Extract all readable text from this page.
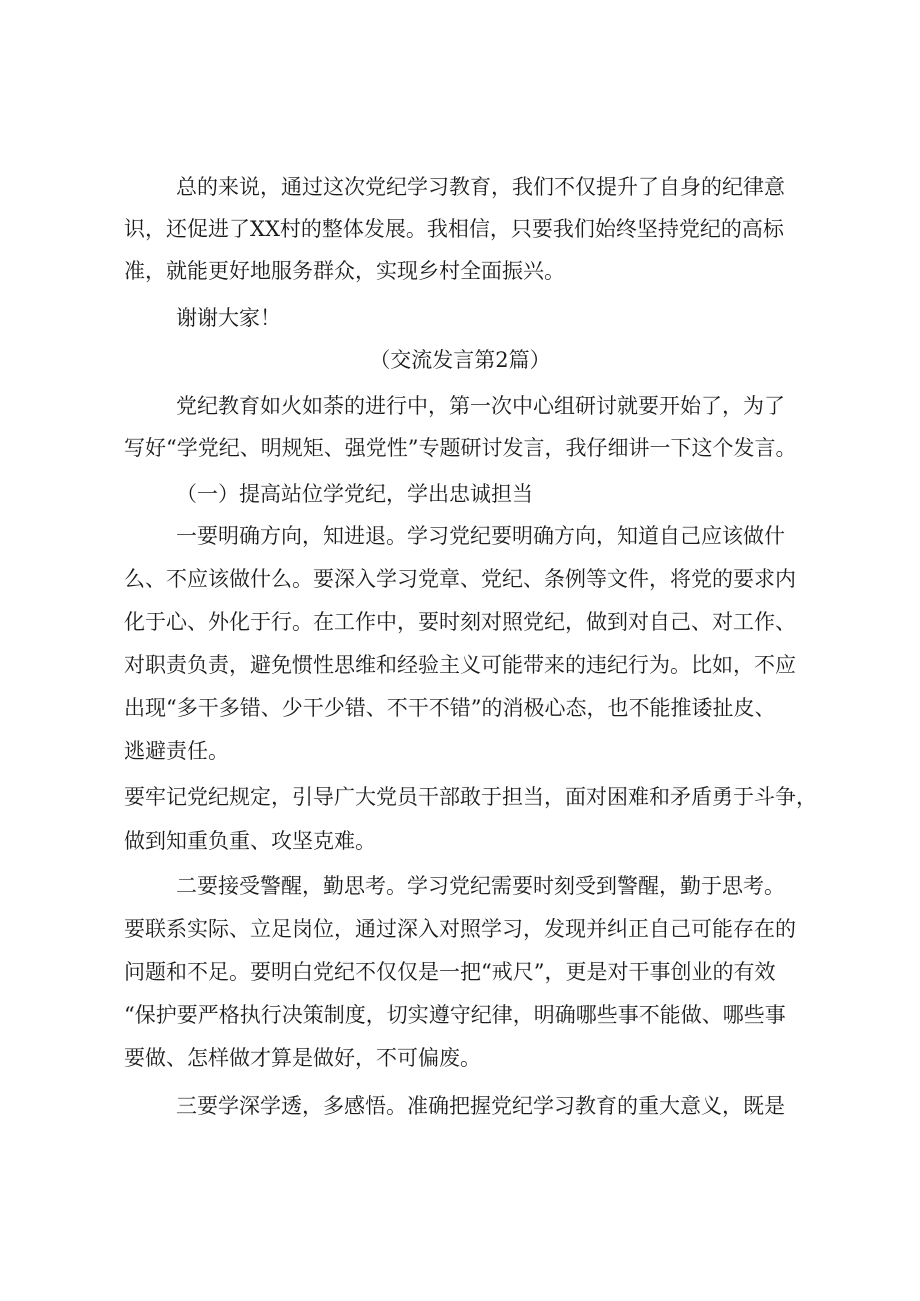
总的来说，通过这次党纪学习教育，我们不仅提升了自身的纪律意
识，还促进了XX村的整体发展。我相信，只要我们始终坚持党纪的高标
准，就能更好地服务群众，实现乡村全面振兴。
谢谢大家！
（交流发言第2篇）
党纪教育如火如荼的进行中，第一次中心组研讨就要开始了，为了
写好“学党纪、明规矩、强党性”专题研讨发言，我仔细讲一下这个发言。
（一）提高站位学党纪，学出忠诚担当
一要明确方向，知进退。学习党纪要明确方向，知道自己应该做什
么、不应该做什么。要深入学习党章、党纪、条例等文件，将党的要求内
化于心、外化于行。在工作中，要时刻对照党纪，做到对自己、对工作、
对职责负责，避免惯性思维和经验主义可能带来的违纪行为。比如，不应
出现“多干多错、少干少错、不干不错”的消极心态，也不能推诿扯皮、
逃避责任。
要牢记党纪规定，引导广大党员干部敢于担当，面对困难和矛盾勇于斗争，
做到知重负重、攻坚克难。
二要接受警醒，勤思考。学习党纪需要时刻受到警醒，勤于思考。
要联系实际、立足岗位，通过深入对照学习，发现并纠正自己可能存在的
问题和不足。要明白党纪不仅仅是一把“戒尺”，更是对干事创业的有效
“保护要严格执行决策制度，切实遵守纪律，明确哪些事不能做、哪些事
要做、怎样做才算是做好，不可偏废。
三要学深学透，多感悟。准确把握党纪学习教育的重大意义，既是
